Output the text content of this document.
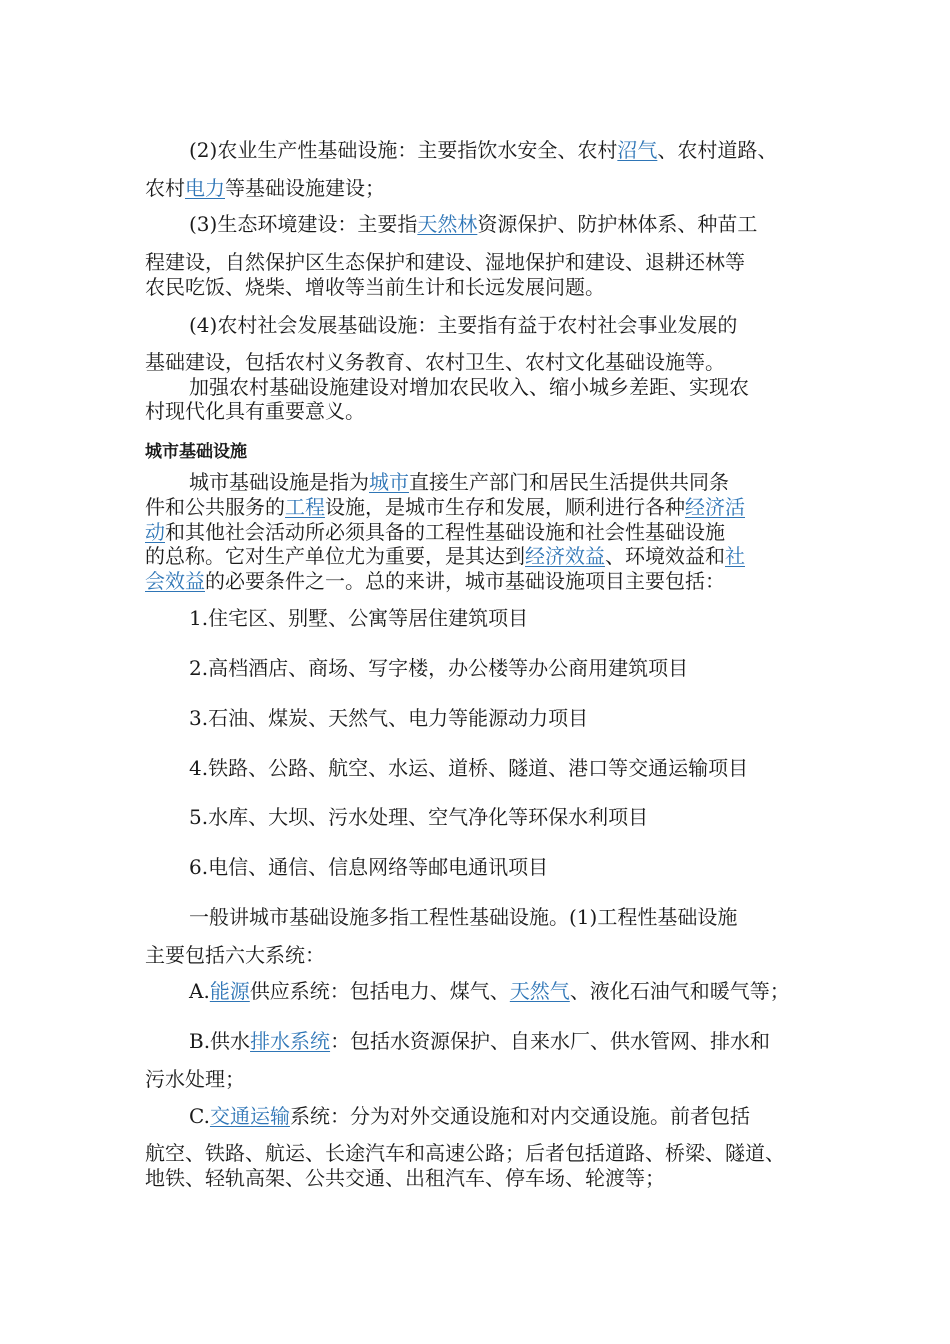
(2)农业生产性基础设施：主要指饮水安全、农村沼气、农村道路、
农村电力等基础设施建设；
(3)生态环境建设：主要指天然林资源保护、防护林体系、种苗工
程建设，自然保护区生态保护和建设、湿地保护和建设、退耕还林等
农民吃饭、烧柴、增收等当前生计和长远发展问题。
(4)农村社会发展基础设施：主要指有益于农村社会事业发展的
基础建设，包括农村义务教育、农村卫生、农村文化基础设施等。
加强农村基础设施建设对增加农民收入、缩小城乡差距、实现农
村现代化具有重要意义。
城市基础设施
城市基础设施是指为城市直接生产部门和居民生活提供共同条
件和公共服务的工程设施，是城市生存和发展，顺利进行各种经济活
动和其他社会活动所必须具备的工程性基础设施和社会性基础设施
的总称。它对生产单位尤为重要，是其达到经济效益、环境效益和社
会效益的必要条件之一。总的来讲，城市基础设施项目主要包括：
1.住宅区、别墅、公寓等居住建筑项目
2.高档酒店、商场、写字楼，办公楼等办公商用建筑项目
3.石油、煤炭、天然气、电力等能源动力项目
4.铁路、公路、航空、水运、道桥、隧道、港口等交通运输项目
5.水库、大坝、污水处理、空气净化等环保水利项目
6.电信、通信、信息网络等邮电通讯项目
一般讲城市基础设施多指工程性基础设施。(1)工程性基础设施
主要包括六大系统：
A.能源供应系统：包括电力、煤气、天然气、液化石油气和暖气等；
B.供水排水系统：包括水资源保护、自来水厂、供水管网、排水和
污水处理；
C.交通运输系统：分为对外交通设施和对内交通设施。前者包括
航空、铁路、航运、长途汽车和高速公路；后者包括道路、桥梁、隧道、
地铁、轻轨高架、公共交通、出租汽车、停车场、轮渡等；
